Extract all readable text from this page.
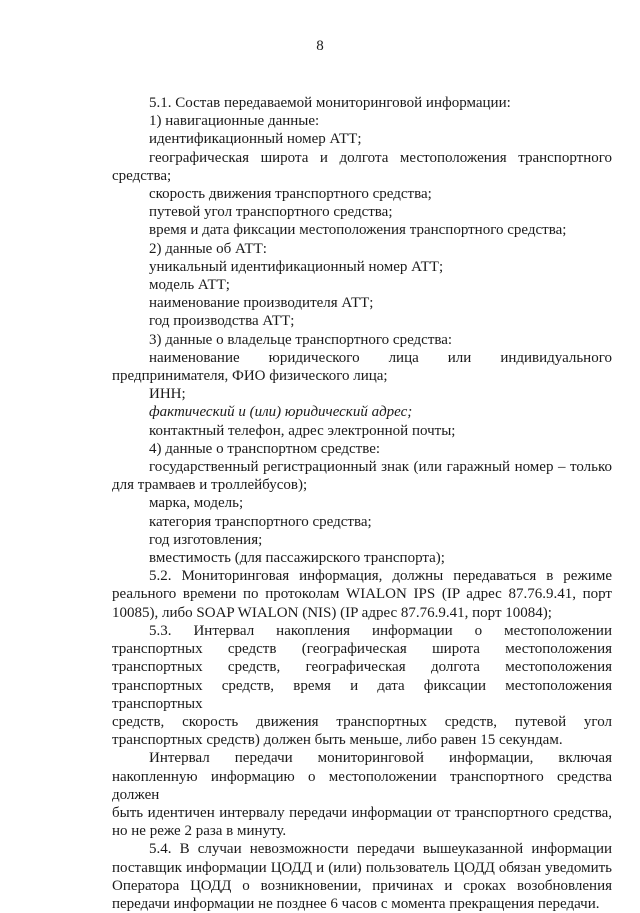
8

5.1. Состав передаваемой мониторинговой информации:

1) навигационные данные:

идентификационный номер АТТ;

географическая широта и долгота местоположения транспортного

средства;

скорость движения транспортного средства;

путевой угол транспортного средства;

время и дата фиксации местоположения транспортного средства;

2) данные об АТТ:

уникальный идентификационный номер АТТ;

модель АТТ;

наименование производителя АТТ;

год производства АТТ;

3) данные о владельце транспортного средства:

наименование юридического лица или индивидуального

предпринимателя, ФИО физического лица;

ИНН;

фактический и (или) юридический адрес;

контактный телефон, адрес электронной почты;

4) данные о транспортном средстве:

государственный регистрационный знак (или гаражный номер – только

для трамваев и троллейбусов);

марка, модель;

категория транспортного средства;

год изготовления;

вместимость (для пассажирского транспорта);

5.2. Мониторинговая информация, должны передаваться в режиме

реального времени по протоколам WIALON IPS (IP адрес 87.76.9.41, порт

10085), либо SOAP WIALON (NIS) (IP адрес 87.76.9.41, порт 10084);

5.3. Интервал накопления информации о местоположении

транспортных средств (географическая широта местоположения

транспортных средств, географическая долгота местоположения

транспортных средств, время и дата фиксации местоположения транспортных

средств, скорость движения транспортных средств, путевой угол

транспортных средств) должен быть меньше, либо равен 15 секундам.

Интервал передачи мониторинговой информации, включая

накопленную информацию о местоположении транспортного средства должен

быть идентичен интервалу передачи информации от транспортного средства,

но не реже 2 раза в минуту.

5.4. В случаи невозможности передачи вышеуказанной информации

поставщик информации ЦОДД и (или) пользователь ЦОДД обязан уведомить

Оператора ЦОДД о возникновении, причинах и сроках возобновления

передачи информации не позднее 6 часов с момента прекращения передачи.
